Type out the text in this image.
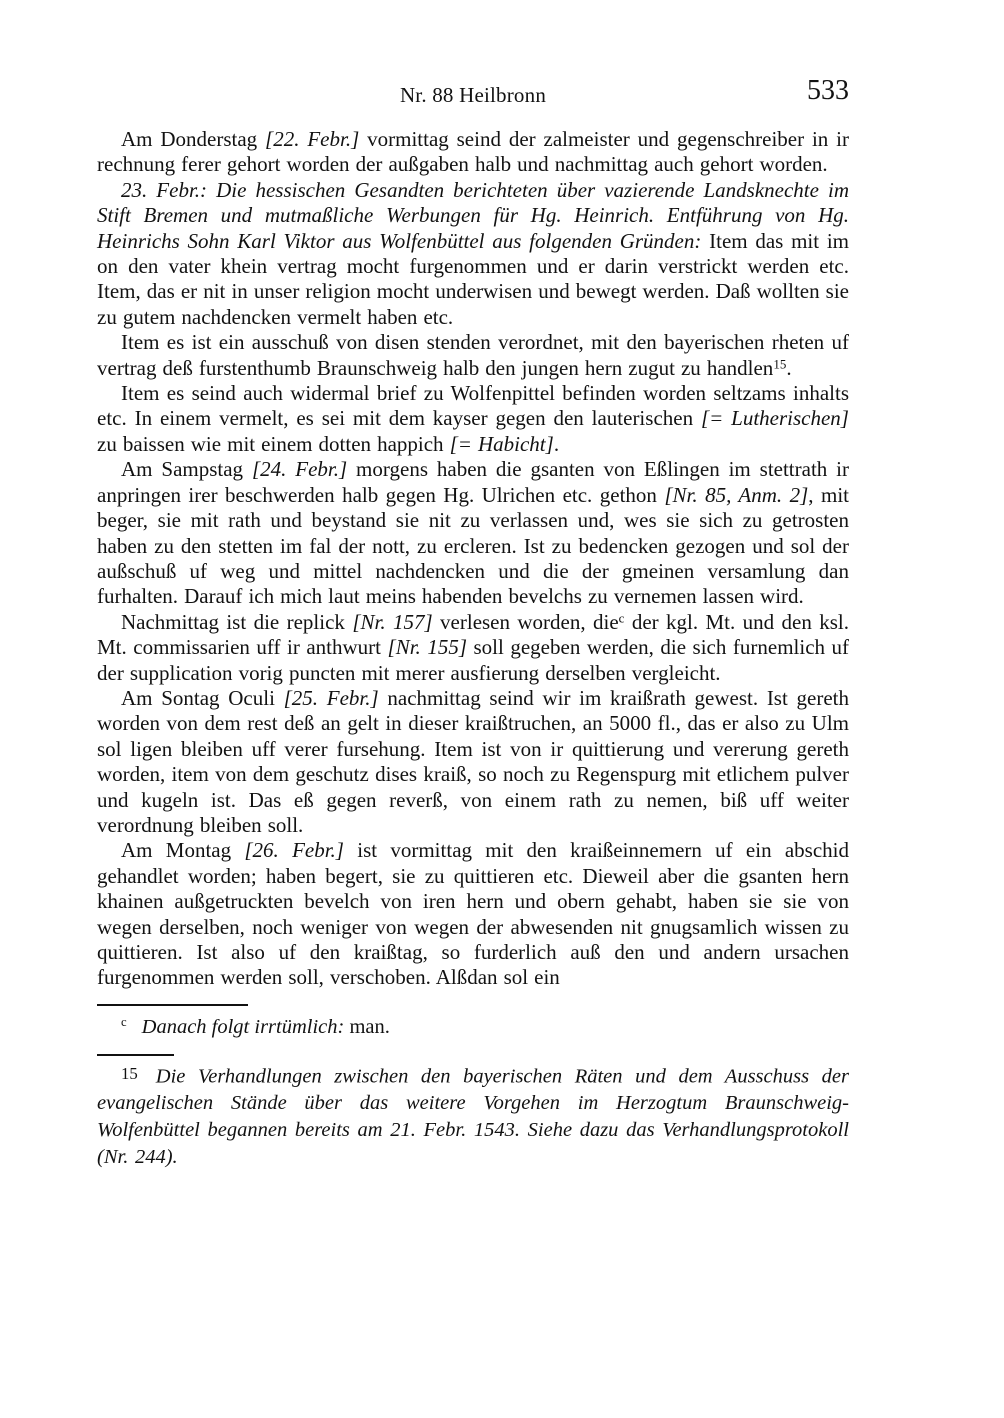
Nr. 88 Heilbronn	533

Am Donderstag [22. Febr.] vormittag seind der zalmeister und gegenschreiber in ir rechnung ferer gehort worden der außgaben halb und nachmittag auch gehort worden.

23. Febr.: Die hessischen Gesandten berichteten über vazierende Landsknechte im Stift Bremen und mutmaßliche Werbungen für Hg. Heinrich. Entführung von Hg. Heinrichs Sohn Karl Viktor aus Wolfenbüttel aus folgenden Gründen: Item das mit im on den vater khein vertrag mocht furgenommen und er darin verstrickt werden etc. Item, das er nit in unser religion mocht underwisen und bewegt werden. Daß wollten sie zu gutem nachdencken vermelt haben etc.

Item es ist ein ausschuß von disen stenden verordnet, mit den bayerischen rheten uf vertrag deß furstenthumb Braunschweig halb den jungen hern zugut zu handlen$^{15}$.

Item es seind auch widermal brief zu Wolfenpittel befinden worden seltzams inhalts etc. In einem vermelt, es sei mit dem kayser gegen den lauterischen [= Lutherischen] zu baissen wie mit einem dotten happich [= Habicht].

Am Sampstag [24. Febr.] morgens haben die gsanten von Eßlingen im stettrath ir anpringen irer beschwerden halb gegen Hg. Ulrichen etc. gethon [Nr. 85, Anm. 2], mit beger, sie mit rath und beystand sie nit zu verlassen und, wes sie sich zu getrosten haben zu den stetten im fal der nott, zu ercleren. Ist zu bedencken gezogen und sol der außschuß uf weg und mittel nachdencken und die der gmeinen versamlung dan furhalten. Darauf ich mich laut meins habenden bevelchs zu vernemen lassen wird.

Nachmittag ist die replick [Nr. 157] verlesen worden, die$^c$ der kgl. Mt. und den ksl. Mt. commissarien uff ir anthwurt [Nr. 155] soll gegeben werden, die sich furnemlich uf der supplication vorig puncten mit merer ausfierung derselben vergleicht.

Am Sontag Oculi [25. Febr.] nachmittag seind wir im kraißrath gewest. Ist gereth worden von dem rest deß an gelt in dieser kraißtruchen, an 5000 fl., das er also zu Ulm sol ligen bleiben uff verer fursehung. Item ist von ir quittierung und vererung gereth worden, item von dem geschutz dises kraiß, so noch zu Regenspurg mit etlichem pulver und kugeln ist. Das eß gegen reverß, von einem rath zu nemen, biß uff weiter verordnung bleiben soll.

Am Montag [26. Febr.] ist vormittag mit den kraißeinnemern uf ein abschid gehandlet worden; haben begert, sie zu quittieren etc. Dieweil aber die gsanten hern khainen außgetruckten bevelch von iren hern und obern gehabt, haben sie sie von wegen derselben, noch weniger von wegen der abwesenden nit gnugsamlich wissen zu quittieren. Ist also uf den kraißtag, so furderlich auß den und andern ursachen furgenommen werden soll, verschoben. Alßdan sol ein

$^c$ Danach folgt irrtümlich: man.

15 Die Verhandlungen zwischen den bayerischen Räten und dem Ausschuss der evangelischen Stände über das weitere Vorgehen im Herzogtum Braunschweig-Wolfenbüttel begannen bereits am 21. Febr. 1543. Siehe dazu das Verhandlungsprotokoll (Nr. 244).
